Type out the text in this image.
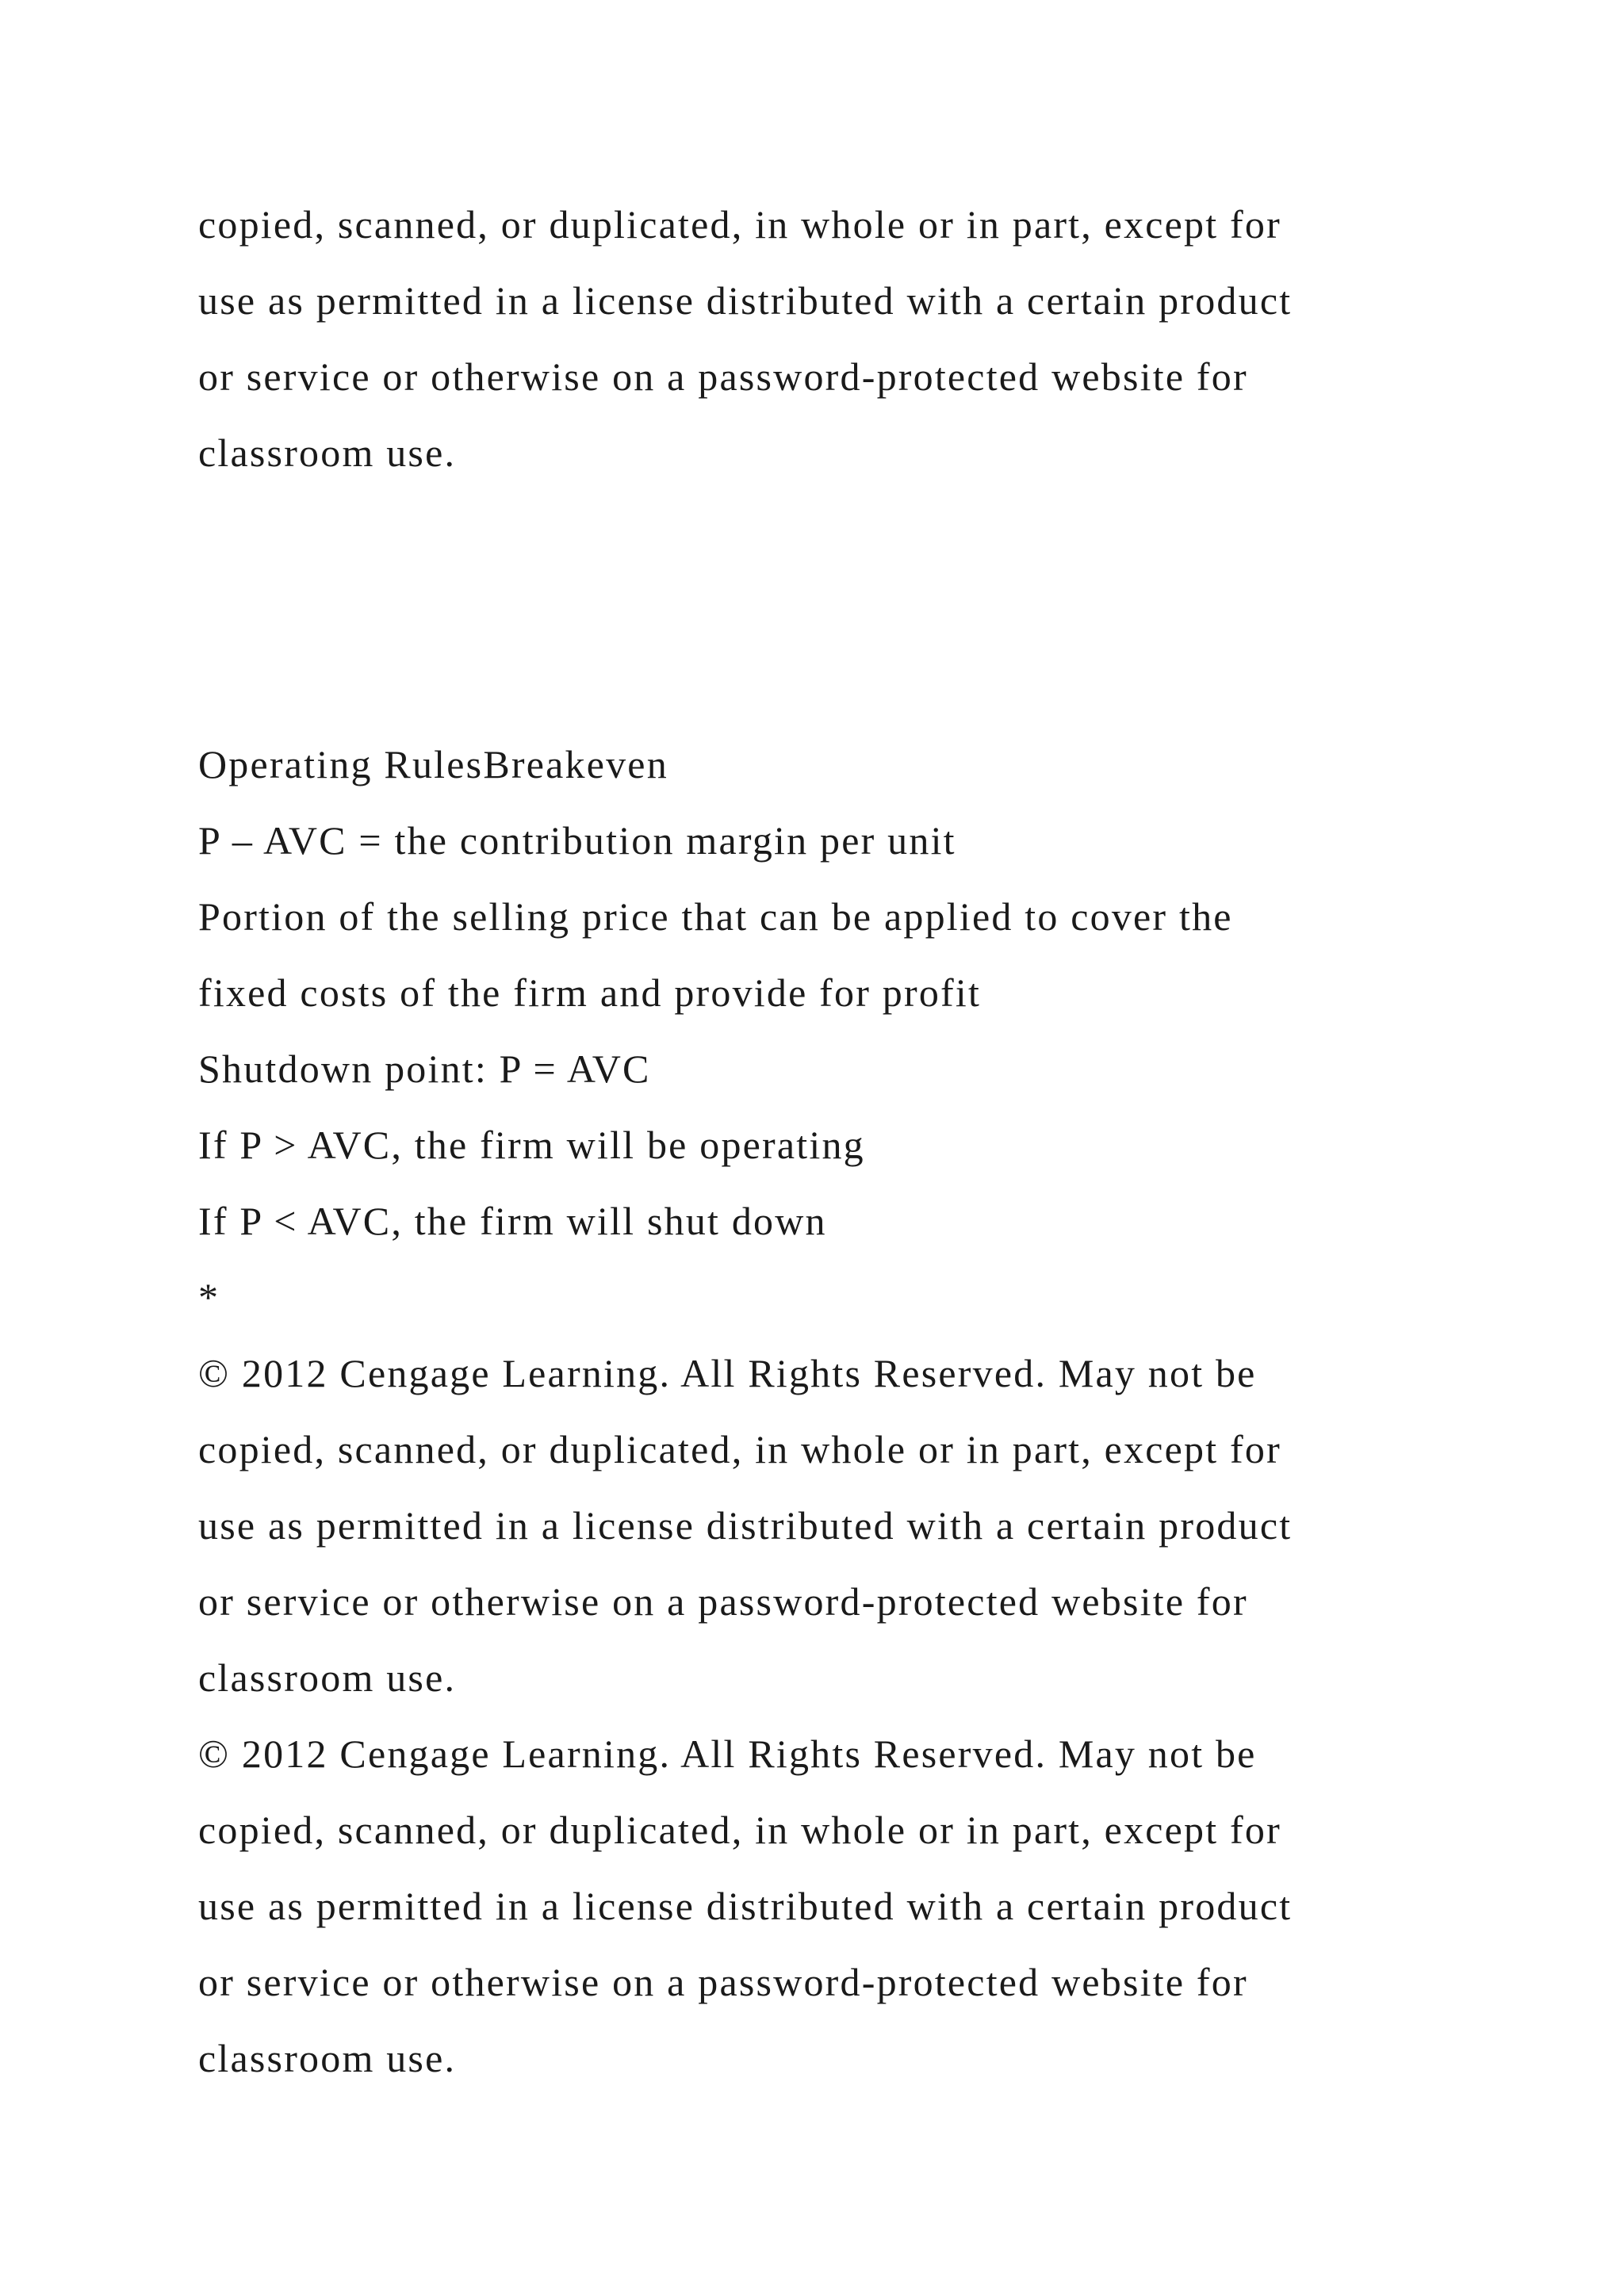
copied, scanned, or duplicated, in whole or in part, except for
use as permitted in a license distributed with a certain product
or service or otherwise on a password-protected website for
classroom use.
Operating RulesBreakeven
P – AVC = the contribution margin per unit
Portion of the selling price that can be applied to cover the
fixed costs of the firm and provide for profit
Shutdown point: P = AVC
If P > AVC, the firm will be operating
If P < AVC, the firm will shut down
*
© 2012 Cengage Learning. All Rights Reserved. May not be
copied, scanned, or duplicated, in whole or in part, except for
use as permitted in a license distributed with a certain product
or service or otherwise on a password-protected website for
classroom use.
© 2012 Cengage Learning. All Rights Reserved. May not be
copied, scanned, or duplicated, in whole or in part, except for
use as permitted in a license distributed with a certain product
or service or otherwise on a password-protected website for
classroom use.
